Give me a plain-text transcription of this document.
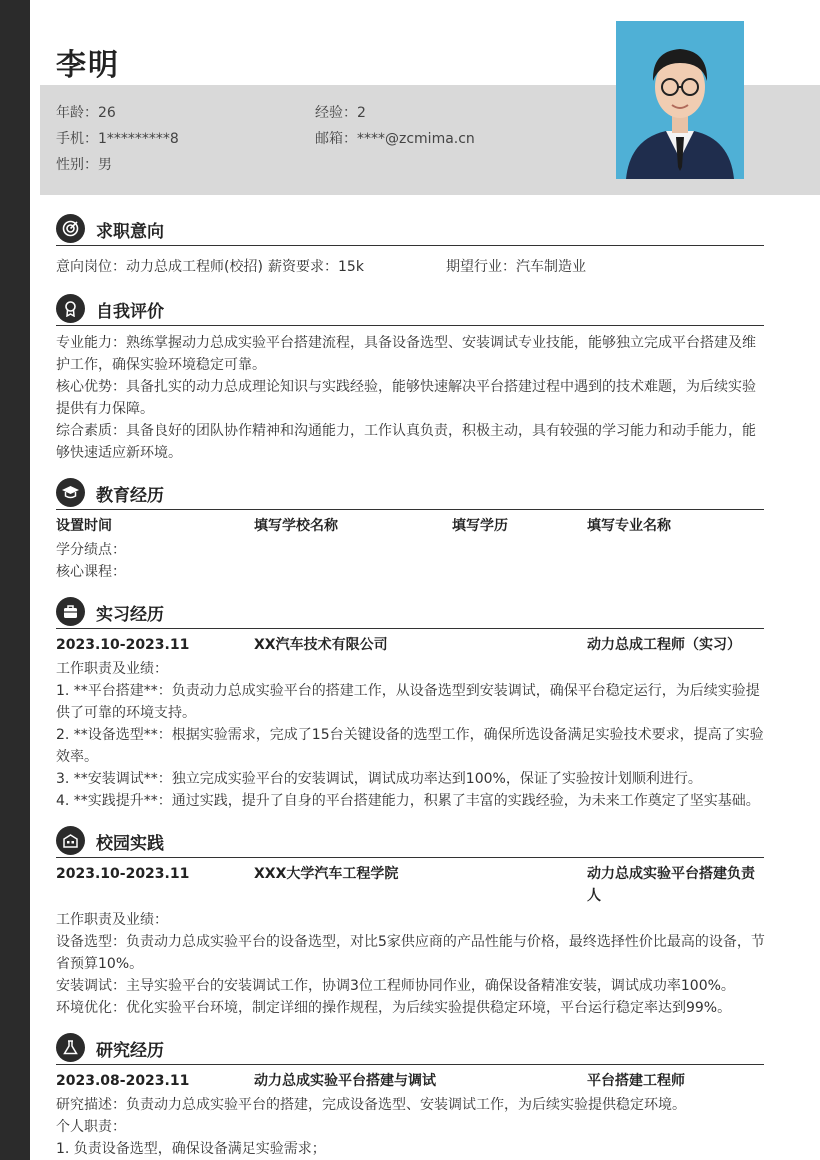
李明
年龄：26	经验：2
手机：1*********8	邮箱：****@zcmima.cn
性别：男
求职意向
意向岗位：动力总成工程师(校招) 薪资要求：15k	期望行业：汽车制造业
自我评价
专业能力：熟练掌握动力总成实验平台搭建流程，具备设备选型、安装调试专业技能，能够独立完成平台搭建及维护工作，确保实验环境稳定可靠。
核心优势：具备扎实的动力总成理论知识与实践经验，能够快速解决平台搭建过程中遇到的技术难题，为后续实验提供有力保障。
综合素质：具备良好的团队协作精神和沟通能力，工作认真负责，积极主动，具有较强的学习能力和动手能力，能够快速适应新环境。
教育经历
设置时间	填写学校名称	填写学历	填写专业名称
学分绩点：
核心课程：
实习经历
2023.10-2023.11	XX汽车技术有限公司	动力总成工程师（实习）
工作职责及业绩：
1. **平台搭建**：负责动力总成实验平台的搭建工作，从设备选型到安装调试，确保平台稳定运行，为后续实验提供了可靠的环境支持。
2. **设备选型**：根据实验需求，完成了15台关键设备的选型工作，确保所选设备满足实验技术要求，提高了实验效率。
3. **安装调试**：独立完成实验平台的安装调试，调试成功率达到100%，保证了实验按计划顺利进行。
4. **实践提升**：通过实践，提升了自身的平台搭建能力，积累了丰富的实践经验，为未来工作奠定了坚实基础。
校园实践
2023.10-2023.11	XXX大学汽车工程学院	动力总成实验平台搭建负责人
工作职责及业绩：
设备选型：负责动力总成实验平台的设备选型，对比5家供应商的产品性能与价格，最终选择性价比最高的设备，节省预算10%。
安装调试：主导实验平台的安装调试工作，协调3位工程师协同作业，确保设备精准安装，调试成功率100%。
环境优化：优化实验平台环境，制定详细的操作规程，为后续实验提供稳定环境，平台运行稳定率达到99%。
研究经历
2023.08-2023.11	动力总成实验平台搭建与调试	平台搭建工程师
研究描述：负责动力总成实验平台的搭建，完成设备选型、安装调试工作，为后续实验提供稳定环境。
个人职责：
1. 负责设备选型，确保设备满足实验需求；
